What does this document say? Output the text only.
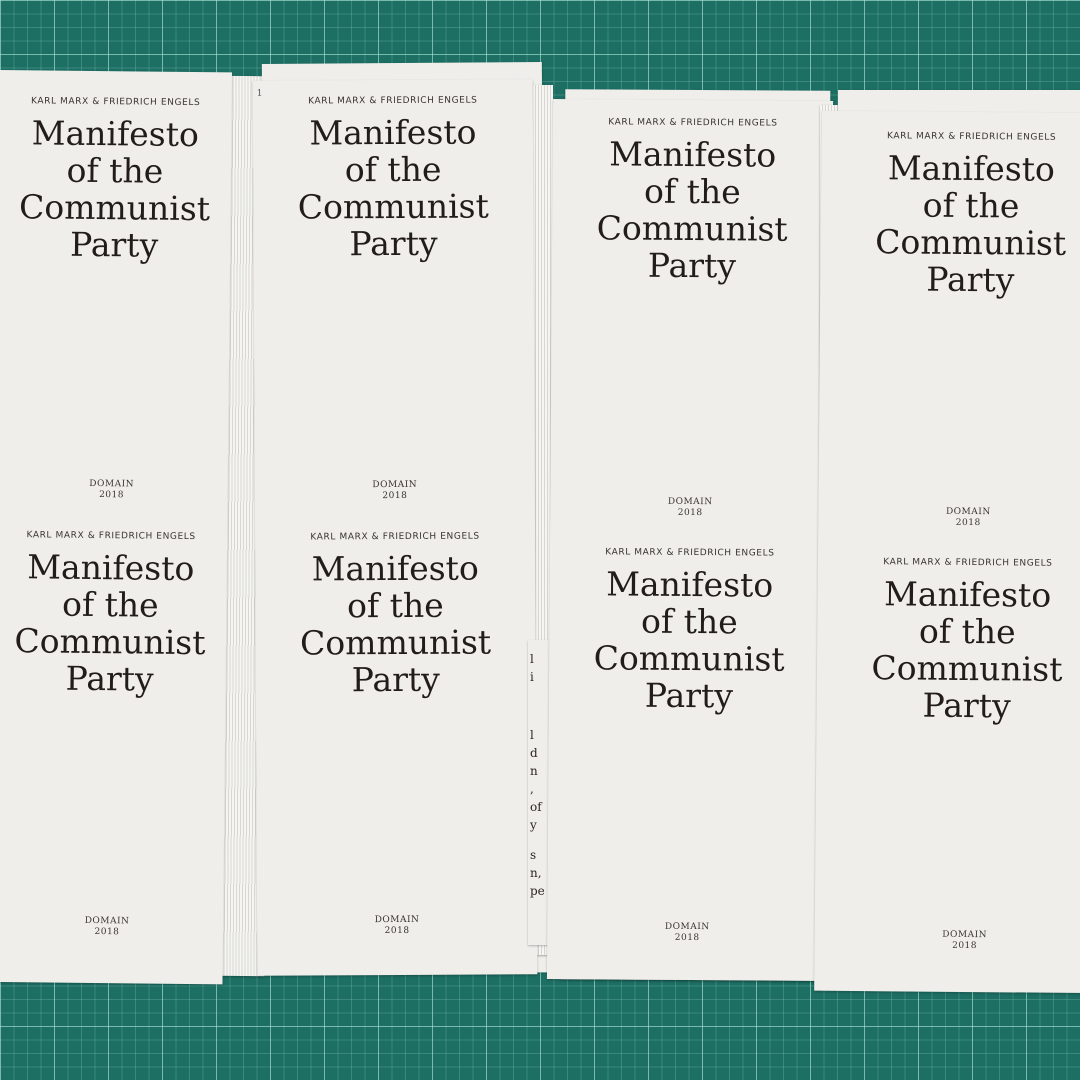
KARL MARX & FRIEDRICH ENGELS
Manifesto
of the
Communist
Party
DOMAIN
2018
KARL MARX & FRIEDRICH ENGELS
Manifesto
of the
Communist
Party
DOMAIN
2018
1
KARL MARX & FRIEDRICH ENGELS
Manifesto
of the
Communist
Party
DOMAIN
2018
KARL MARX & FRIEDRICH ENGELS
Manifesto
of the
Communist
Party
DOMAIN
2018
l
i
l
d
n
,
of
y
s
n,
pe
KARL MARX & FRIEDRICH ENGELS
Manifesto
of the
Communist
Party
DOMAIN
2018
KARL MARX & FRIEDRICH ENGELS
Manifesto
of the
Communist
Party
DOMAIN
2018
KARL MARX & FRIEDRICH ENGELS
Manifesto
of the
Communist
Party
DOMAIN
2018
KARL MARX & FRIEDRICH ENGELS
Manifesto
of the
Communist
Party
DOMAIN
2018
